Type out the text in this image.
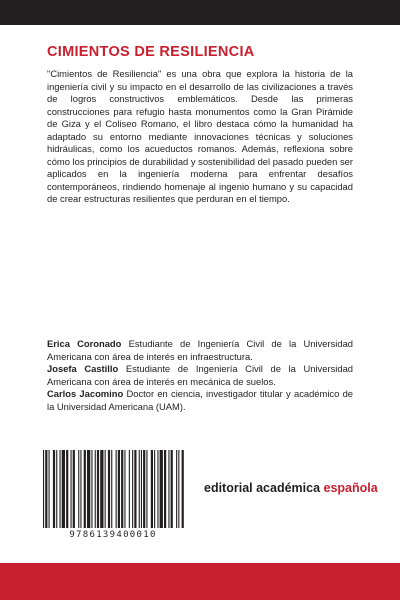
CIMIENTOS DE RESILIENCIA

"Cimientos de Resiliencia" es una obra que explora la historia de la ingeniería civil y su impacto en el desarrollo de las civilizaciones a través de logros constructivos emblemáticos. Desde las primeras construcciones para refugio hasta monumentos como la Gran Pirámide de Giza y el Coliseo Romano, el libro destaca cómo la humanidad ha adaptado su entorno mediante innovaciones técnicas y soluciones hidráulicas, como los acueductos romanos. Además, reflexiona sobre cómo los principios de durabilidad y sostenibilidad del pasado pueden ser aplicados en la ingeniería moderna para enfrentar desafíos contemporáneos, rindiendo homenaje al ingenio humano y su capacidad de crear estructuras resilientes que perduran en el tiempo.

Erica Coronado Estudiante de Ingeniería Civil de la Universidad Americana con área de interés en infraestructura.
Josefa Castillo Estudiante de Ingeniería Civil de la Universidad Americana con área de interés en mecánica de suelos.
Carlos Jacomino Doctor en ciencia, investigador titular y académico de la Universidad Americana (UAM).
9786139400010
editorial académica española
